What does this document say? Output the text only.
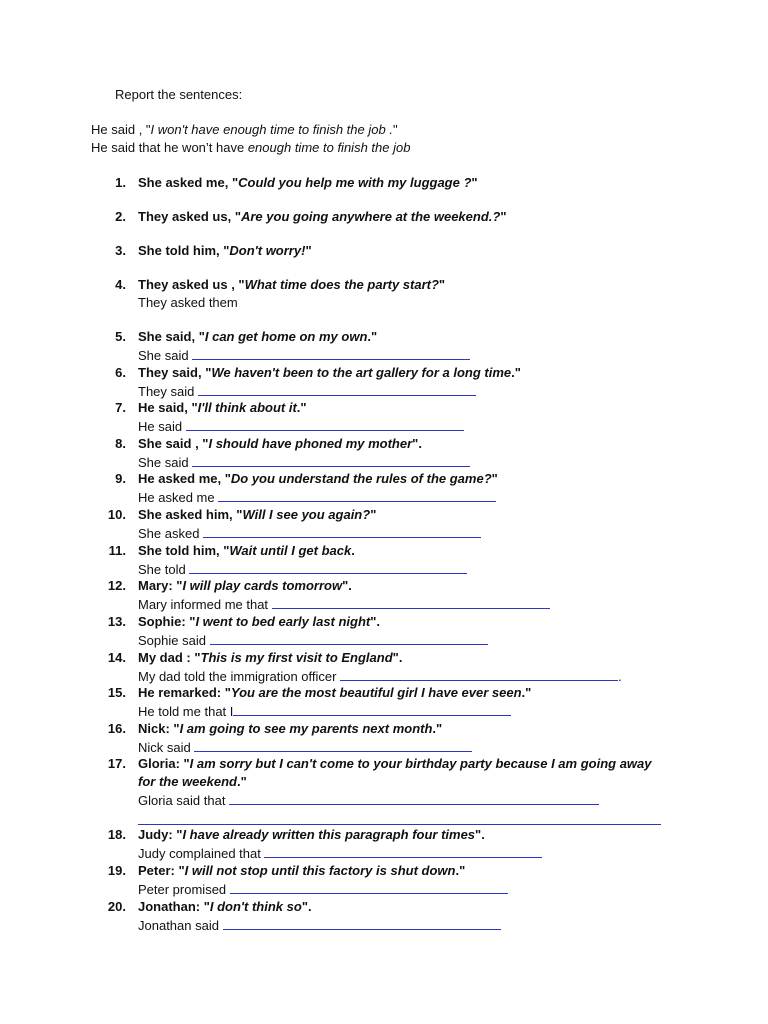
Report the sentences:
He said , "I won't have enough time to finish the job ."
He said that he won’t have enough time to finish the job
1. She asked me, "Could you help me with my luggage ?"
2. They asked us, "Are you going anywhere at the weekend.?"
3. She told him, "Don't worry!"
4. They asked us , "What time does the party start?"
They asked them
5. She said, "I can get home on my own."
She said
6. They said, "We haven't been to the art gallery for a long time."
They said
7. He said, "I'll think about it."
He said
8. She said , "I should have phoned my mother".
She said
9. He asked me, "Do you understand the rules of the game?"
He asked me
10. She asked him, "Will I see you again?"
She asked
11. She told him, "Wait until I get back.
She told
12. Mary: "I will play cards tomorrow".
Mary informed me that
13. Sophie: "I went to bed early last night".
Sophie said
14. My dad : "This is my first visit to England".
My dad told the immigration officer	.
15. He remarked: "You are the most beautiful girl I have ever seen."
He told me that I
16. Nick: "I am going to see my parents next month."
Nick said
17. Gloria: "I am sorry but I can't come to your birthday party because I am going away
for the weekend."
Gloria said that
18. Judy: "I have already written this paragraph four times".
Judy complained that
19. Peter: "I will not stop until this factory is shut down."
Peter promised
20. Jonathan: "I don't think so".
Jonathan said
